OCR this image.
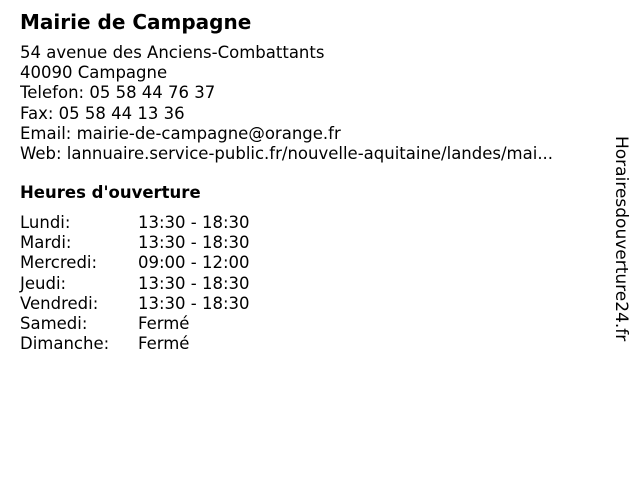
Mairie de Campagne
54 avenue des Anciens-Combattants
40090 Campagne
Telefon: 05 58 44 76 37
Fax: 05 58 44 13 36
Email: mairie-de-campagne@orange.fr
Web: lannuaire.service-public.fr/nouvelle-aquitaine/landes/mai...
Heures d'ouverture
Lundi:	13:30 - 18:30
Mardi:	13:30 - 18:30
Mercredi:	09:00 - 12:00
Jeudi:	13:30 - 18:30
Vendredi:	13:30 - 18:30
Samedi:	Fermé
Dimanche:	Fermé
Horairesdouverture24.fr
